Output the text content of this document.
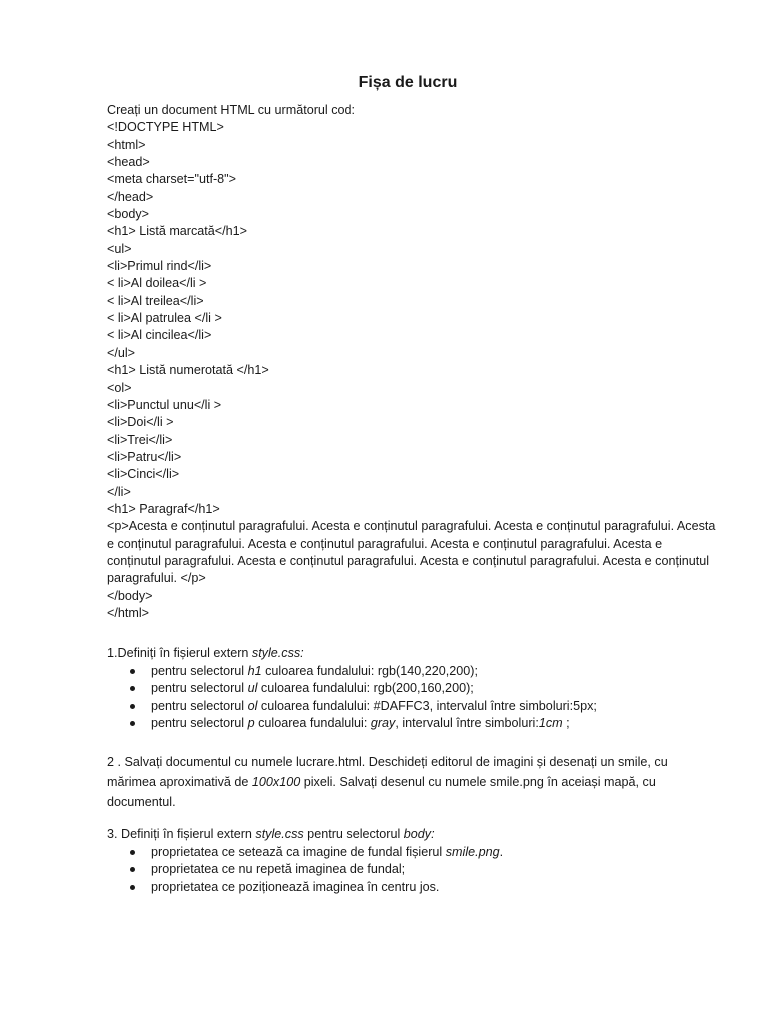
Fișa de lucru
Creați un document HTML cu următorul cod:
<!DOCTYPE HTML>
<html>
<head>
<meta charset="utf-8">
</head>
<body>
<h1> Listă marcată</h1>
<ul>
<li>Primul rind</li>
< li>Al doilea</li >
< li>Al treilea</li>
< li>Al patrulea </li >
< li>Al cincilea</li>
</ul>
<h1> Listă numerotată </h1>
<ol>
<li>Punctul unu</li >
<li>Doi</li >
<li>Trei</li>
<li>Patru</li>
<li>Cinci</li>
</li>
<h1> Paragraf</h1>
<p>Acesta e conținutul paragrafului. Acesta e conținutul paragrafului. Acesta e conținutul paragrafului. Acesta e conținutul paragrafului. Acesta e conținutul paragrafului. Acesta e conținutul paragrafului. Acesta e conținutul paragrafului. Acesta e conținutul paragrafului. Acesta e conținutul paragrafului. Acesta e conținutul paragrafului. </p>
</body>
</html>
1.Definiți în fișierul extern style.css:
pentru selectorul h1 culoarea fundalului: rgb(140,220,200);
pentru selectorul ul culoarea fundalului: rgb(200,160,200);
pentru selectorul ol culoarea fundalului: #DAFFC3, intervalul între simboluri:5px;
pentru selectorul p culoarea fundalului: gray, intervalul între simboluri:1cm ;
2 . Salvați documentul cu numele lucrare.html. Deschideți editorul de imagini și desenați un smile, cu mărimea aproximativă de 100x100 pixeli. Salvați desenul cu numele smile.png în aceiași mapă, cu documentul.
3. Definiți în fișierul extern style.css pentru selectorul body:
proprietatea ce setează ca imagine de fundal fișierul smile.png.
proprietatea ce nu repetă imaginea de fundal;
proprietatea ce poziționează imaginea în centru jos.
